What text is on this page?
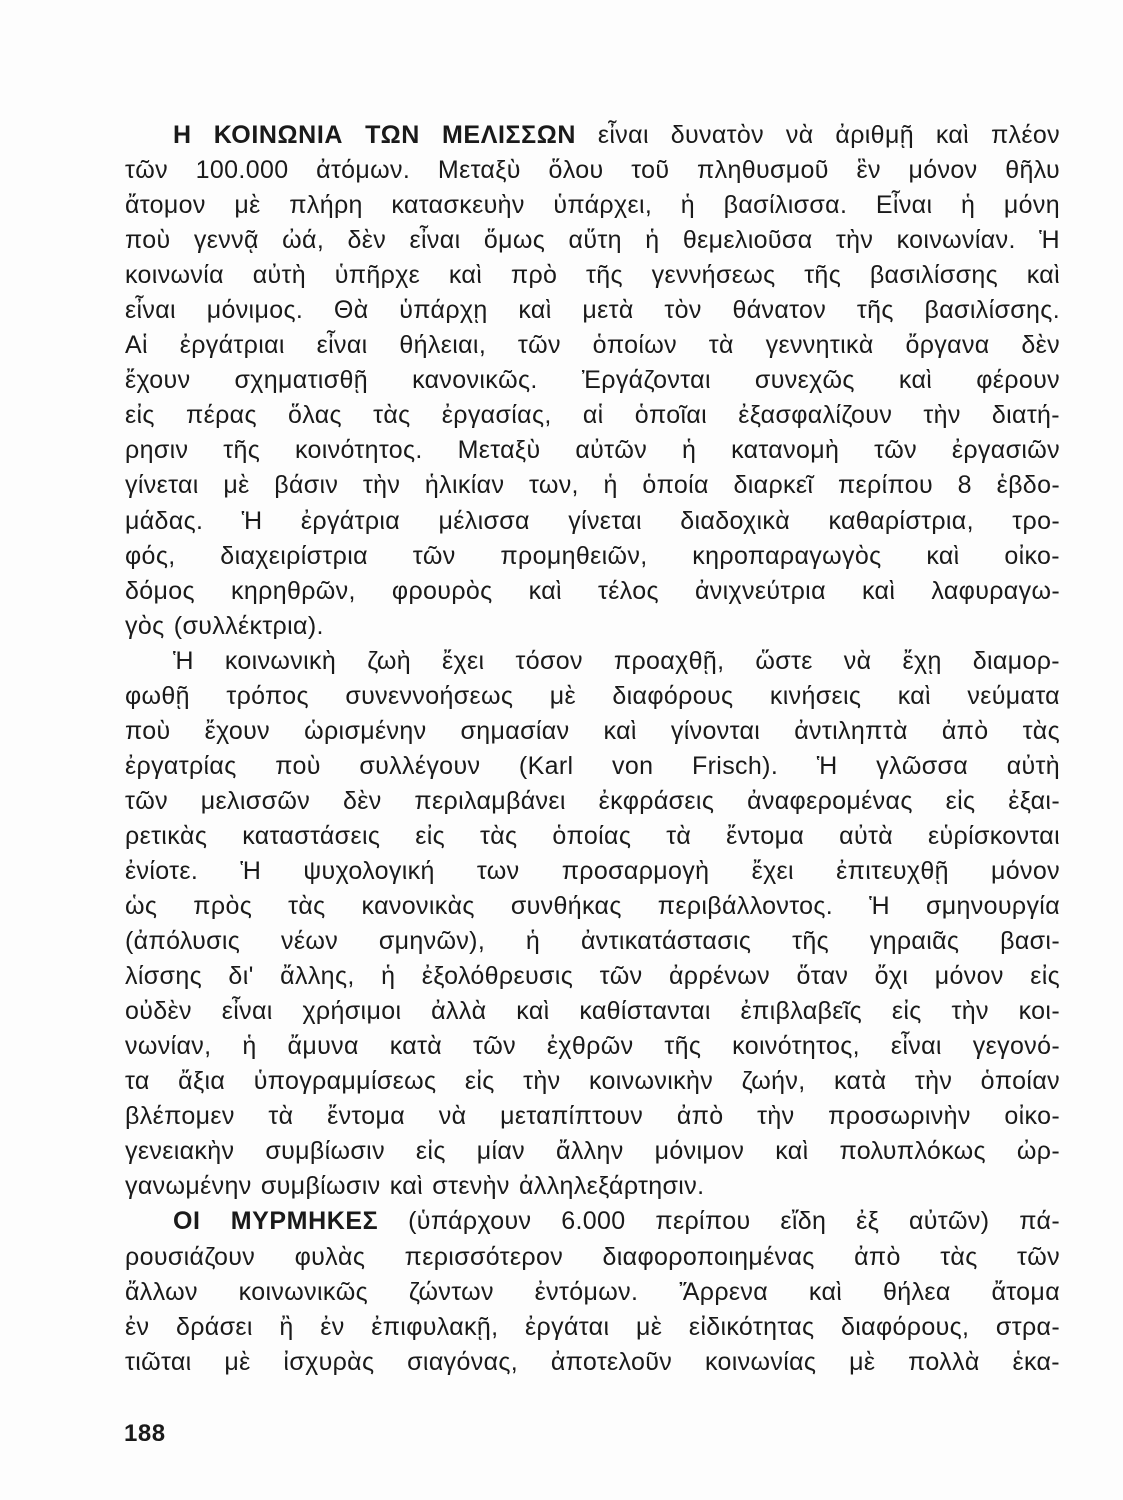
Η ΚΟΙΝΩΝΙΑ ΤΩΝ ΜΕΛΙΣΣΩΝ εἶναι δυνατὸν νὰ ἀριθμῇ καὶ πλέον
τῶν 100.000 ἀτόμων. Μεταξὺ ὅλου τοῦ πληθυσμοῦ ἓν μόνον θῆλυ
ἄτομον μὲ πλήρη κατασκευὴν ὑπάρχει, ἡ βασίλισσα. Εἶναι ἡ μόνη
ποὺ γεννᾷ ὠά, δὲν εἶναι ὅμως αὕτη ἡ θεμελιοῦσα τὴν κοινωνίαν. Ἡ
κοινωνία αὐτὴ ὑπῆρχε καὶ πρὸ τῆς γεννήσεως τῆς βασιλίσσης καὶ
εἶναι μόνιμος. Θὰ ὑπάρχῃ καὶ μετὰ τὸν θάνατον τῆς βασιλίσσης.
Αἱ ἐργάτριαι εἶναι θήλειαι, τῶν ὁποίων τὰ γεννητικὰ ὄργανα δὲν
ἔχουν σχηματισθῇ κανονικῶς. Ἐργάζονται συνεχῶς καὶ φέρουν
εἰς πέρας ὅλας τὰς ἐργασίας, αἱ ὁποῖαι ἐξασφαλίζουν τὴν διατή-
ρησιν τῆς κοινότητος. Μεταξὺ αὐτῶν ἡ κατανομὴ τῶν ἐργασιῶν
γίνεται μὲ βάσιν τὴν ἡλικίαν των, ἡ ὁποία διαρκεῖ περίπου 8 ἑβδο-
μάδας. Ἡ ἐργάτρια μέλισσα γίνεται διαδοχικὰ καθαρίστρια, τρο-
φός, διαχειρίστρια τῶν προμηθειῶν, κηροπαραγωγὸς καὶ οἰκο-
δόμος κηρηθρῶν, φρουρὸς καὶ τέλος ἀνιχνεύτρια καὶ λαφυραγω-
γὸς (συλλέκτρια).
Ἡ κοινωνικὴ ζωὴ ἔχει τόσον προαχθῇ, ὥστε νὰ ἔχῃ διαμορ-
φωθῇ τρόπος συνεννοήσεως μὲ διαφόρους κινήσεις καὶ νεύματα
ποὺ ἔχουν ὡρισμένην σημασίαν καὶ γίνονται ἀντιληπτὰ ἀπὸ τὰς
ἐργατρίας ποὺ συλλέγουν (Karl von Frisch). Ἡ γλῶσσα αὐτὴ
τῶν μελισσῶν δὲν περιλαμβάνει ἐκφράσεις ἀναφερομένας εἰς ἐξαι-
ρετικὰς καταστάσεις εἰς τὰς ὁποίας τὰ ἔντομα αὐτὰ εὑρίσκονται
ἐνίοτε. Ἡ ψυχολογική των προσαρμογὴ ἔχει ἐπιτευχθῇ μόνον
ὡς πρὸς τὰς κανονικὰς συνθήκας περιβάλλοντος. Ἡ σμηνουργία
(ἀπόλυσις νέων σμηνῶν), ἡ ἀντικατάστασις τῆς γηραιᾶς βασι-
λίσσης δι' ἄλλης, ἡ ἐξολόθρευσις τῶν ἀρρένων ὅταν ὄχι μόνον εἰς
οὐδὲν εἶναι χρήσιμοι ἀλλὰ καὶ καθίστανται ἐπιβλαβεῖς εἰς τὴν κοι-
νωνίαν, ἡ ἄμυνα κατὰ τῶν ἐχθρῶν τῆς κοινότητος, εἶναι γεγονό-
τα ἄξια ὑπογραμμίσεως εἰς τὴν κοινωνικὴν ζωήν, κατὰ τὴν ὁποίαν
βλέπομεν τὰ ἔντομα νὰ μεταπίπτουν ἀπὸ τὴν προσωρινὴν οἰκο-
γενειακὴν συμβίωσιν εἰς μίαν ἄλλην μόνιμον καὶ πολυπλόκως ὠρ-
γανωμένην συμβίωσιν καὶ στενὴν ἀλληλεξάρτησιν.
ΟΙ ΜΥΡΜΗΚΕΣ (ὑπάρχουν 6.000 περίπου εἴδη ἐξ αὐτῶν) πά-
ρουσιάζουν φυλὰς περισσότερον διαφοροποιημένας ἀπὸ τὰς τῶν
ἄλλων κοινωνικῶς ζώντων ἐντόμων. Ἄρρενα καὶ θήλεα ἄτομα
ἐν δράσει ἢ ἐν ἐπιφυλακῇ, ἐργάται μὲ εἰδικότητας διαφόρους, στρα-
τιῶται μὲ ἰσχυρὰς σιαγόνας, ἀποτελοῦν κοινωνίας μὲ πολλὰ ἑκα-
188
